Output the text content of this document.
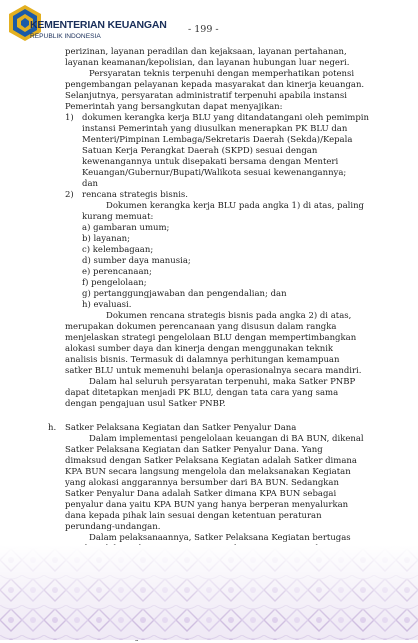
KEMENTERIAN KEUANGAN
REPUBLIK INDONESIA
- 199 -
perizinan, layanan peradilan dan kejaksaan, layanan pertahanan,
layanan keamanan/kepolisian, dan layanan hubungan luar negeri.
Persyaratan teknis terpenuhi dengan memperhatikan potensi
pengembangan pelayanan kepada masyarakat dan kinerja keuangan.
Selanjutnya, persyaratan administratif terpenuhi apabila instansi
Pemerintah yang bersangkutan dapat menyajikan:
1) dokumen kerangka kerja BLU yang ditandatangani oleh pemimpin
instansi Pemerintah yang diusulkan menerapkan PK BLU dan
Menteri/Pimpinan Lembaga/Sekretaris Daerah (Sekda)/Kepala
Satuan Kerja Perangkat Daerah (SKPD) sesuai dengan
kewenangannya untuk disepakati bersama dengan Menteri
Keuangan/Gubernur/Bupati/Walikota sesuai kewenangannya;
dan
2) rencana strategis bisnis.
Dokumen kerangka kerja BLU pada angka 1) di atas, paling
kurang memuat:
a) gambaran umum;
b) layanan;
c) kelembagaan;
d) sumber daya manusia;
e) perencanaan;
f) pengelolaan;
g) pertanggungjawaban dan pengendalian; dan
h) evaluasi.
Dokumen rencana strategis bisnis pada angka 2) di atas,
merupakan dokumen perencanaan yang disusun dalam rangka
menjelaskan strategi pengelolaan BLU dengan mempertimbangkan
alokasi sumber daya dan kinerja dengan menggunakan teknik
analisis bisnis. Termasuk di dalamnya perhitungan kemampuan
satker BLU untuk memenuhi belanja operasionalnya secara mandiri.
Dalam hal seluruh persyaratan terpenuhi, maka Satker PNBP
dapat ditetapkan menjadi PK BLU, dengan tata cara yang sama
dengan pengajuan usul Satker PNBP.
h. Satker Pelaksana Kegiatan dan Satker Penyalur Dana
Dalam implementasi pengelolaan keuangan di BA BUN, dikenal
Satker Pelaksana Kegiatan dan Satker Penyalur Dana. Yang
dimaksud dengan Satker Pelaksana Kegiatan adalah Satker dimana
KPA BUN secara langsung mengelola dan melaksanakan Kegiatan
yang alokasi anggarannya bersumber dari BA BUN. Sedangkan
Satker Penyalur Dana adalah Satker dimana KPA BUN sebagai
penyalur dana yaitu KPA BUN yang hanya berperan menyalurkan
dana kepada pihak lain sesuai dengan ketentuan peraturan
perundang-undangan.
Dalam pelaksanaannya, Satker Pelaksana Kegiatan bertugas
